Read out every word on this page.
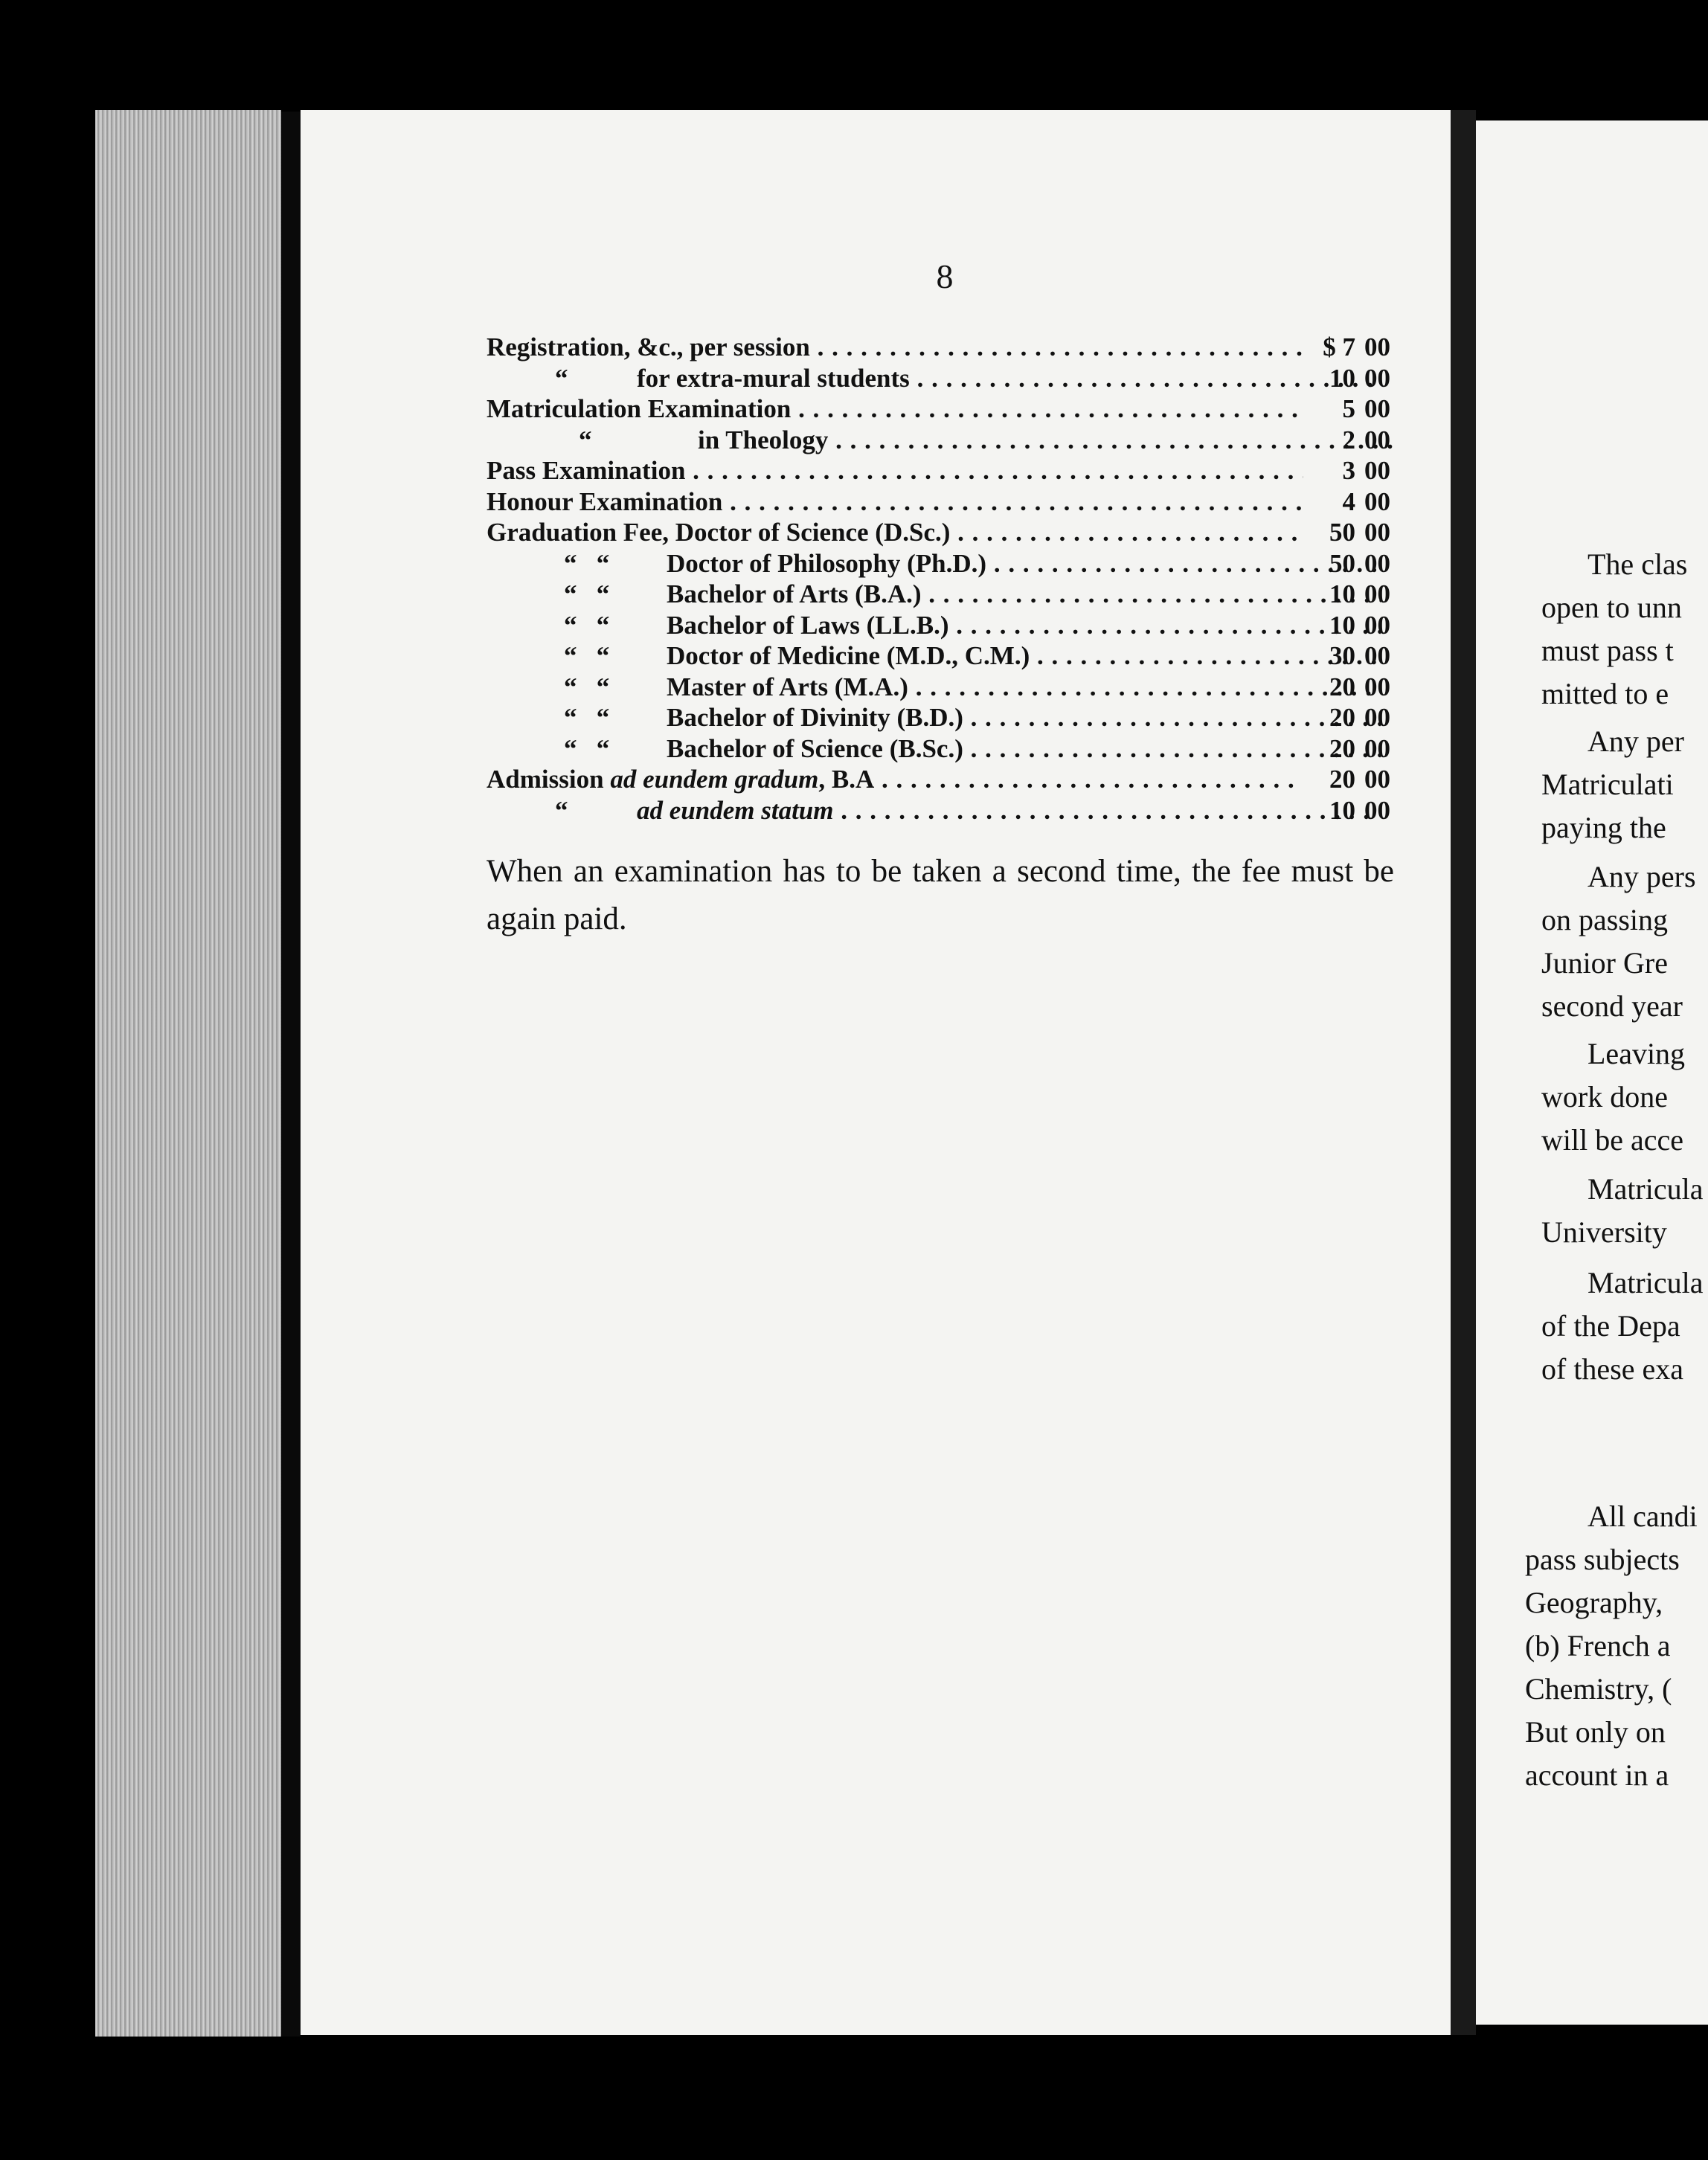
The clas
open to unn
must pass t
mitted to e
Any per
Matriculati
paying the
Any pers
on passing
Junior Gre
second year
Leaving
work done
will be acce
Matricula
University
Matricula
of the Depa
of these exa
All candi
pass subjects
Geography,
(b) French a
Chemistry, (
But only on
account in a
8
Registration, &c., per session . . .	$ 7 00
“	for extra-mural students . . .	10 00
Matriculation Examination . . .	5 00
“	in Theology . . .	2 00
Pass Examination . . .	3 00
Honour Examination . . .	4 00
Graduation Fee, Doctor of Science (D.Sc.) . . .	50 00
“   “ Doctor of Philosophy (Ph.D.) . . .	50 00
“   “ Bachelor of Arts (B.A.) . . .	10 00
“   “ Bachelor of Laws (LL.B.) . . .	10 00
“   “ Doctor of Medicine (M.D., C.M.) . . .	30 00
“   “ Master of Arts (M.A.) . . .	20 00
“   “ Bachelor of Divinity (B.D.) . . .	20 00
“   “ Bachelor of Science (B.Sc.) . . .	20 00
Admission ad eundem gradum, B.A . . .	20 00
“	ad eundem statum . . .	10 00
When an examination has to be taken a second time, the fee must be again paid.
